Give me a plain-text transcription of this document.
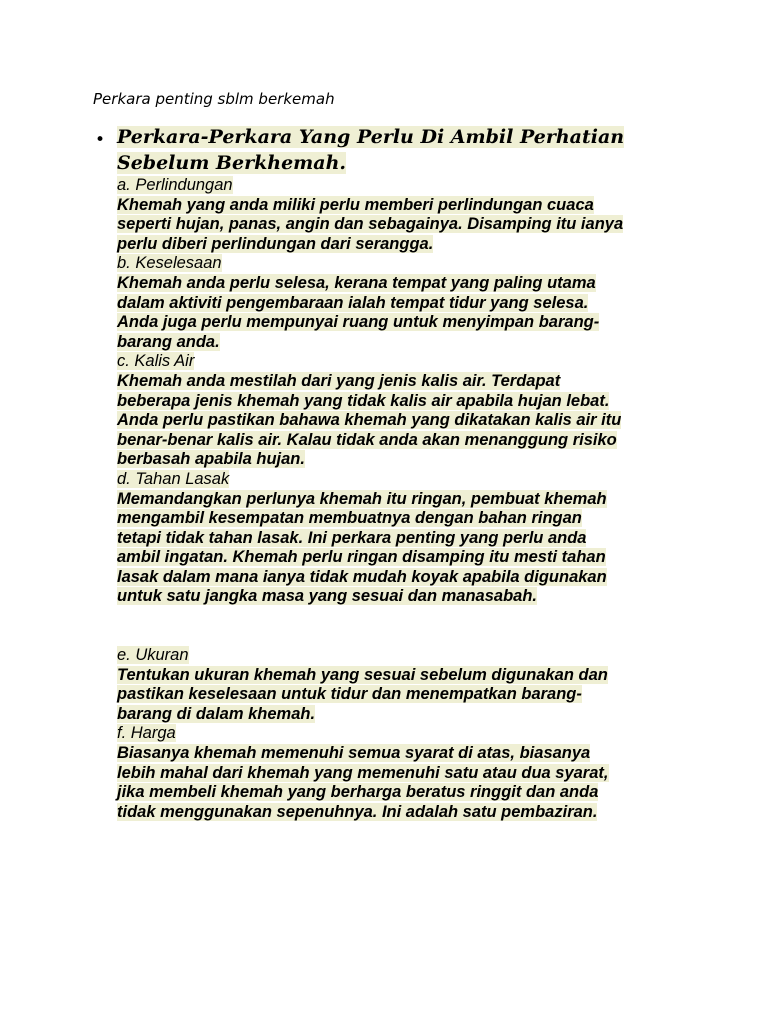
Perkara penting sblm berkemah
• Perkara-Perkara Yang Perlu Di Ambil Perhatian
Sebelum Berkhemah.
a. Perlindungan
Khemah yang anda miliki perlu memberi perlindungan cuaca
seperti hujan, panas, angin dan sebagainya. Disamping itu ianya
perlu diberi perlindungan dari serangga.
b. Keselesaan
Khemah anda perlu selesa, kerana tempat yang paling utama
dalam aktiviti pengembaraan ialah tempat tidur yang selesa.
Anda juga perlu mempunyai ruang untuk menyimpan barang-
barang anda.
c. Kalis Air
Khemah anda mestilah dari yang jenis kalis air. Terdapat
beberapa jenis khemah yang tidak kalis air apabila hujan lebat.
Anda perlu pastikan bahawa khemah yang dikatakan kalis air itu
benar-benar kalis air. Kalau tidak anda akan menanggung risiko
berbasah apabila hujan.
d. Tahan Lasak
Memandangkan perlunya khemah itu ringan, pembuat khemah
mengambil kesempatan membuatnya dengan bahan ringan
tetapi tidak tahan lasak. Ini perkara penting yang perlu anda
ambil ingatan. Khemah perlu ringan disamping itu mesti tahan
lasak dalam mana ianya tidak mudah koyak apabila digunakan
untuk satu jangka masa yang sesuai dan manasabah.
e. Ukuran
Tentukan ukuran khemah yang sesuai sebelum digunakan dan
pastikan keselesaan untuk tidur dan menempatkan barang-
barang di dalam khemah.
f. Harga
Biasanya khemah memenuhi semua syarat di atas, biasanya
lebih mahal dari khemah yang memenuhi satu atau dua syarat,
jika membeli khemah yang berharga beratus ringgit dan anda
tidak menggunakan sepenuhnya. Ini adalah satu pembaziran.
